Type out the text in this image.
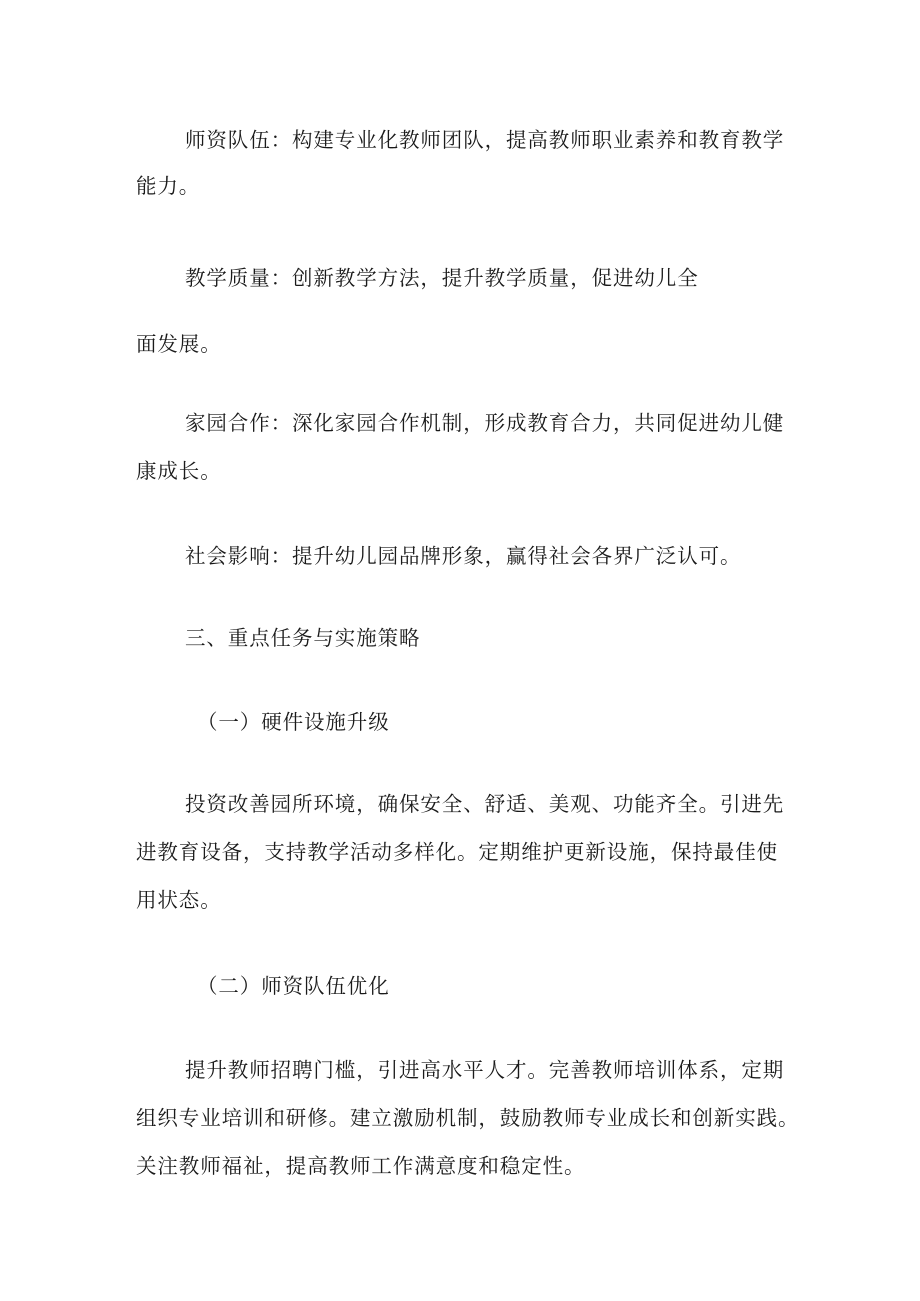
师资队伍：构建专业化教师团队，提高教师职业素养和教育教学
能力。
教学质量：创新教学方法，提升教学质量，促进幼儿全
面发展。
家园合作：深化家园合作机制，形成教育合力，共同促进幼儿健
康成长。
社会影响：提升幼儿园品牌形象，赢得社会各界广泛认可。
三、重点任务与实施策略
（一）硬件设施升级
投资改善园所环境，确保安全、舒适、美观、功能齐全。引进先
进教育设备，支持教学活动多样化。定期维护更新设施，保持最佳使
用状态。
（二）师资队伍优化
提升教师招聘门槛，引进高水平人才。完善教师培训体系，定期
组织专业培训和研修。建立激励机制，鼓励教师专业成长和创新实践。
关注教师福祉，提高教师工作满意度和稳定性。
